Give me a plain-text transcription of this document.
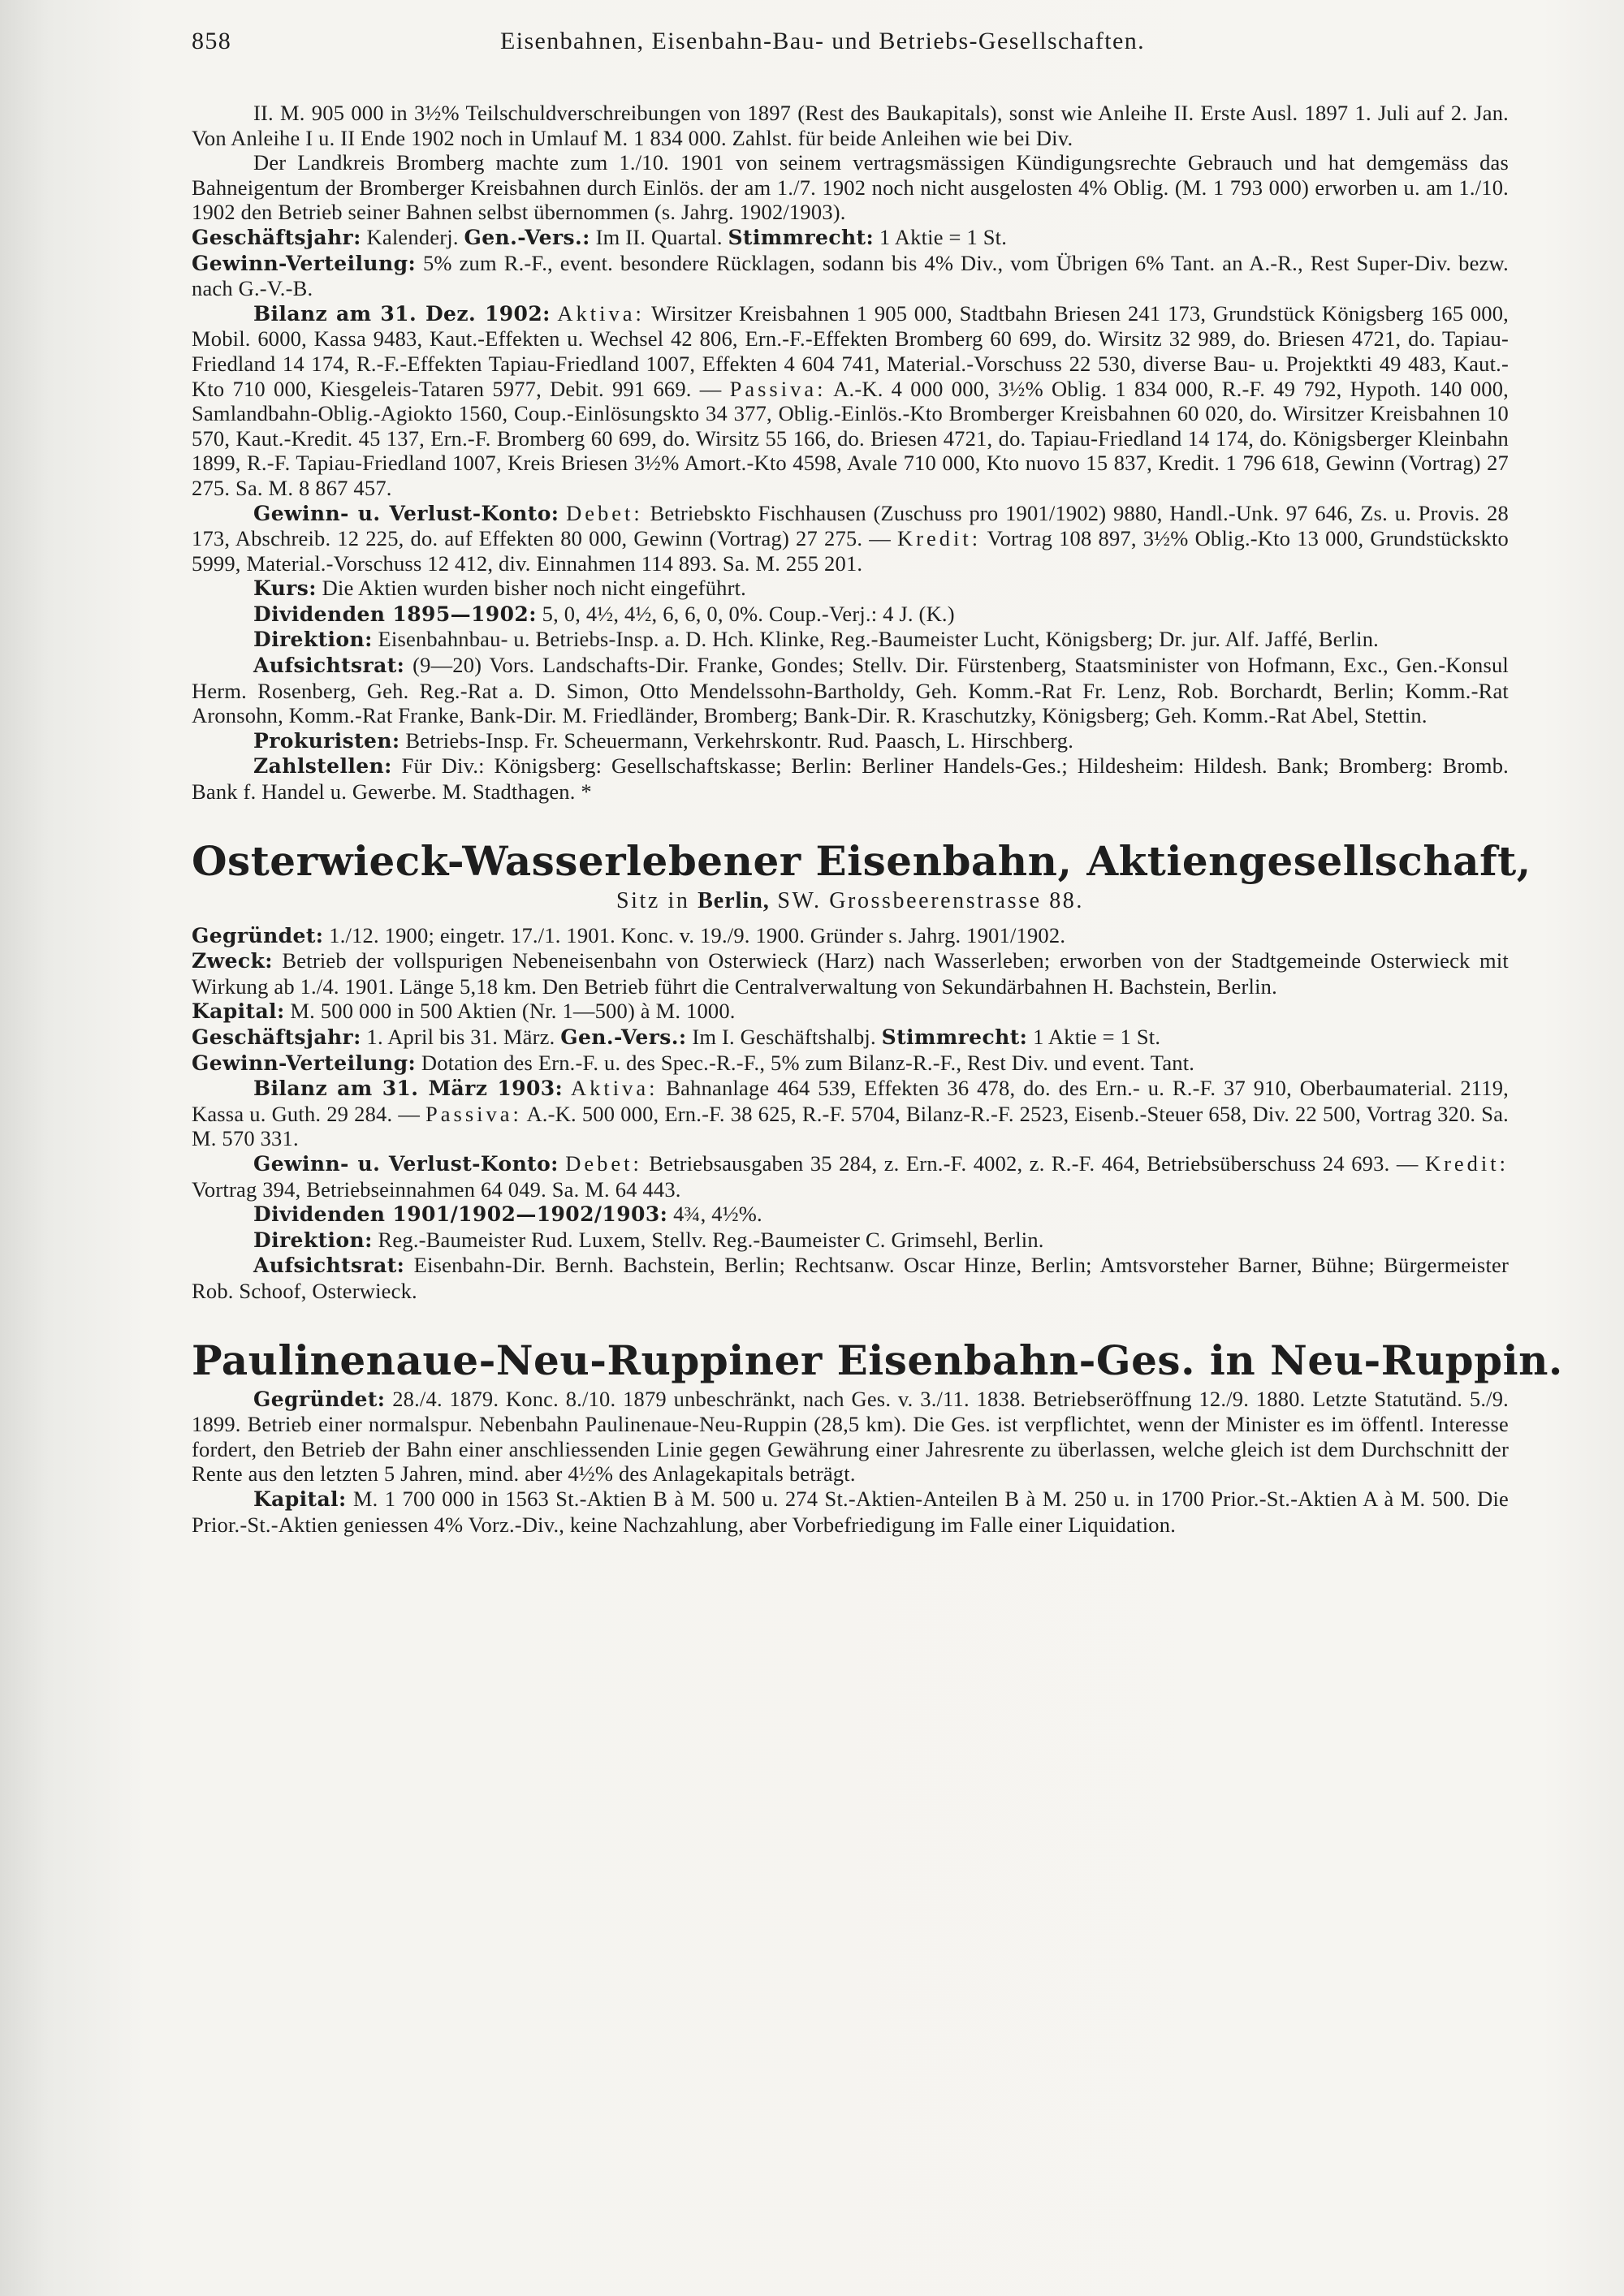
858	Eisenbahnen, Eisenbahn-Bau- und Betriebs-Gesellschaften.

II. M. 905 000 in 3½% Teilschuldverschreibungen von 1897 (Rest des Baukapitals), sonst wie Anleihe II. Erste Ausl. 1897 1. Juli auf 2. Jan. Von Anleihe I u. II Ende 1902 noch in Umlauf M. 1 834 000. Zahlst. für beide Anleihen wie bei Div.

Der Landkreis Bromberg machte zum 1./10. 1901 von seinem vertragsmässigen Kündigungsrechte Gebrauch und hat demgemäss das Bahneigentum der Bromberger Kreisbahnen durch Einlös. der am 1./7. 1902 noch nicht ausgelosten 4% Oblig. (M. 1 793 000) erworben u. am 1./10. 1902 den Betrieb seiner Bahnen selbst übernommen (s. Jahrg. 1902/1903).

Geschäftsjahr: Kalenderj. Gen.-Vers.: Im II. Quartal. Stimmrecht: 1 Aktie = 1 St.

Gewinn-Verteilung: 5% zum R.-F., event. besondere Rücklagen, sodann bis 4% Div., vom Übrigen 6% Tant. an A.-R., Rest Super-Div. bezw. nach G.-V.-B.

Bilanz am 31. Dez. 1902: Aktiva: Wirsitzer Kreisbahnen 1 905 000, Stadtbahn Briesen 241 173, Grundstück Königsberg 165 000, Mobil. 6000, Kassa 9483, Kaut.-Effekten u. Wechsel 42 806, Ern.-F.-Effekten Bromberg 60 699, do. Wirsitz 32 989, do. Briesen 4721, do. Tapiau-Friedland 14 174, R.-F.-Effekten Tapiau-Friedland 1007, Effekten 4 604 741, Material.-Vorschuss 22 530, diverse Bau- u. Projektkti 49 483, Kaut.-Kto 710 000, Kiesgeleis-Tataren 5977, Debit. 991 669. — Passiva: A.-K. 4 000 000, 3½% Oblig. 1 834 000, R.-F. 49 792, Hypoth. 140 000, Samlandbahn-Oblig.-Agiokto 1560, Coup.-Einlösungskto 34 377, Oblig.-Einlös.-Kto Bromberger Kreisbahnen 60 020, do. Wirsitzer Kreisbahnen 10 570, Kaut.-Kredit. 45 137, Ern.-F. Bromberg 60 699, do. Wirsitz 55 166, do. Briesen 4721, do. Tapiau-Friedland 14 174, do. Königsberger Kleinbahn 1899, R.-F. Tapiau-Friedland 1007, Kreis Briesen 3½% Amort.-Kto 4598, Avale 710 000, Kto nuovo 15 837, Kredit. 1 796 618, Gewinn (Vortrag) 27 275. Sa. M. 8 867 457.

Gewinn- u. Verlust-Konto: Debet: Betriebskto Fischhausen (Zuschuss pro 1901/1902) 9880, Handl.-Unk. 97 646, Zs. u. Provis. 28 173, Abschreib. 12 225, do. auf Effekten 80 000, Gewinn (Vortrag) 27 275. — Kredit: Vortrag 108 897, 3½% Oblig.-Kto 13 000, Grundstückskto 5999, Material.-Vorschuss 12 412, div. Einnahmen 114 893. Sa. M. 255 201.

Kurs: Die Aktien wurden bisher noch nicht eingeführt.

Dividenden 1895—1902: 5, 0, 4½, 4½, 6, 6, 0, 0%. Coup.-Verj.: 4 J. (K.)

Direktion: Eisenbahnbau- u. Betriebs-Insp. a. D. Hch. Klinke, Reg.-Baumeister Lucht, Königsberg; Dr. jur. Alf. Jaffé, Berlin.

Aufsichtsrat: (9—20) Vors. Landschafts-Dir. Franke, Gondes; Stellv. Dir. Fürstenberg, Staatsminister von Hofmann, Exc., Gen.-Konsul Herm. Rosenberg, Geh. Reg.-Rat a. D. Simon, Otto Mendelssohn-Bartholdy, Geh. Komm.-Rat Fr. Lenz, Rob. Borchardt, Berlin; Komm.-Rat Aronsohn, Komm.-Rat Franke, Bank-Dir. M. Friedländer, Bromberg; Bank-Dir. R. Kraschutzky, Königsberg; Geh. Komm.-Rat Abel, Stettin.

Prokuristen: Betriebs-Insp. Fr. Scheuermann, Verkehrskontr. Rud. Paasch, L. Hirschberg.

Zahlstellen: Für Div.: Königsberg: Gesellschaftskasse; Berlin: Berliner Handels-Ges.; Hildesheim: Hildesh. Bank; Bromberg: Bromb. Bank f. Handel u. Gewerbe. M. Stadthagen. *

Osterwieck-Wasserlebener Eisenbahn, Aktiengesellschaft,
Sitz in Berlin, SW. Grossbeerenstrasse 88.

Gegründet: 1./12. 1900; eingetr. 17./1. 1901. Konc. v. 19./9. 1900. Gründer s. Jahrg. 1901/1902.

Zweck: Betrieb der vollspurigen Nebeneisenbahn von Osterwieck (Harz) nach Wasserleben; erworben von der Stadtgemeinde Osterwieck mit Wirkung ab 1./4. 1901. Länge 5,18 km. Den Betrieb führt die Centralverwaltung von Sekundärbahnen H. Bachstein, Berlin.

Kapital: M. 500 000 in 500 Aktien (Nr. 1—500) à M. 1000.

Geschäftsjahr: 1. April bis 31. März. Gen.-Vers.: Im I. Geschäftshalbj. Stimmrecht: 1 Aktie = 1 St.

Gewinn-Verteilung: Dotation des Ern.-F. u. des Spec.-R.-F., 5% zum Bilanz-R.-F., Rest Div. und event. Tant.

Bilanz am 31. März 1903: Aktiva: Bahnanlage 464 539, Effekten 36 478, do. des Ern.- u. R.-F. 37 910, Oberbaumaterial. 2119, Kassa u. Guth. 29 284. — Passiva: A.-K. 500 000, Ern.-F. 38 625, R.-F. 5704, Bilanz-R.-F. 2523, Eisenb.-Steuer 658, Div. 22 500, Vortrag 320. Sa. M. 570 331.

Gewinn- u. Verlust-Konto: Debet: Betriebsausgaben 35 284, z. Ern.-F. 4002, z. R.-F. 464, Betriebsüberschuss 24 693. — Kredit: Vortrag 394, Betriebseinnahmen 64 049. Sa. M. 64 443.

Dividenden 1901/1902—1902/1903: 4¾, 4½%.

Direktion: Reg.-Baumeister Rud. Luxem, Stellv. Reg.-Baumeister C. Grimsehl, Berlin.

Aufsichtsrat: Eisenbahn-Dir. Bernh. Bachstein, Berlin; Rechtsanw. Oscar Hinze, Berlin; Amtsvorsteher Barner, Bühne; Bürgermeister Rob. Schoof, Osterwieck.

Paulinenaue-Neu-Ruppiner Eisenbahn-Ges. in Neu-Ruppin.

Gegründet: 28./4. 1879. Konc. 8./10. 1879 unbeschränkt, nach Ges. v. 3./11. 1838. Betriebseröffnung 12./9. 1880. Letzte Statutänd. 5./9. 1899. Betrieb einer normalspur. Nebenbahn Paulinenaue-Neu-Ruppin (28,5 km). Die Ges. ist verpflichtet, wenn der Minister es im öffentl. Interesse fordert, den Betrieb der Bahn einer anschliessenden Linie gegen Gewährung einer Jahresrente zu überlassen, welche gleich ist dem Durchschnitt der Rente aus den letzten 5 Jahren, mind. aber 4½% des Anlagekapitals beträgt.

Kapital: M. 1 700 000 in 1563 St.-Aktien B à M. 500 u. 274 St.-Aktien-Anteilen B à M. 250 u. in 1700 Prior.-St.-Aktien A à M. 500. Die Prior.-St.-Aktien geniessen 4% Vorz.-Div., keine Nachzahlung, aber Vorbefriedigung im Falle einer Liquidation.
